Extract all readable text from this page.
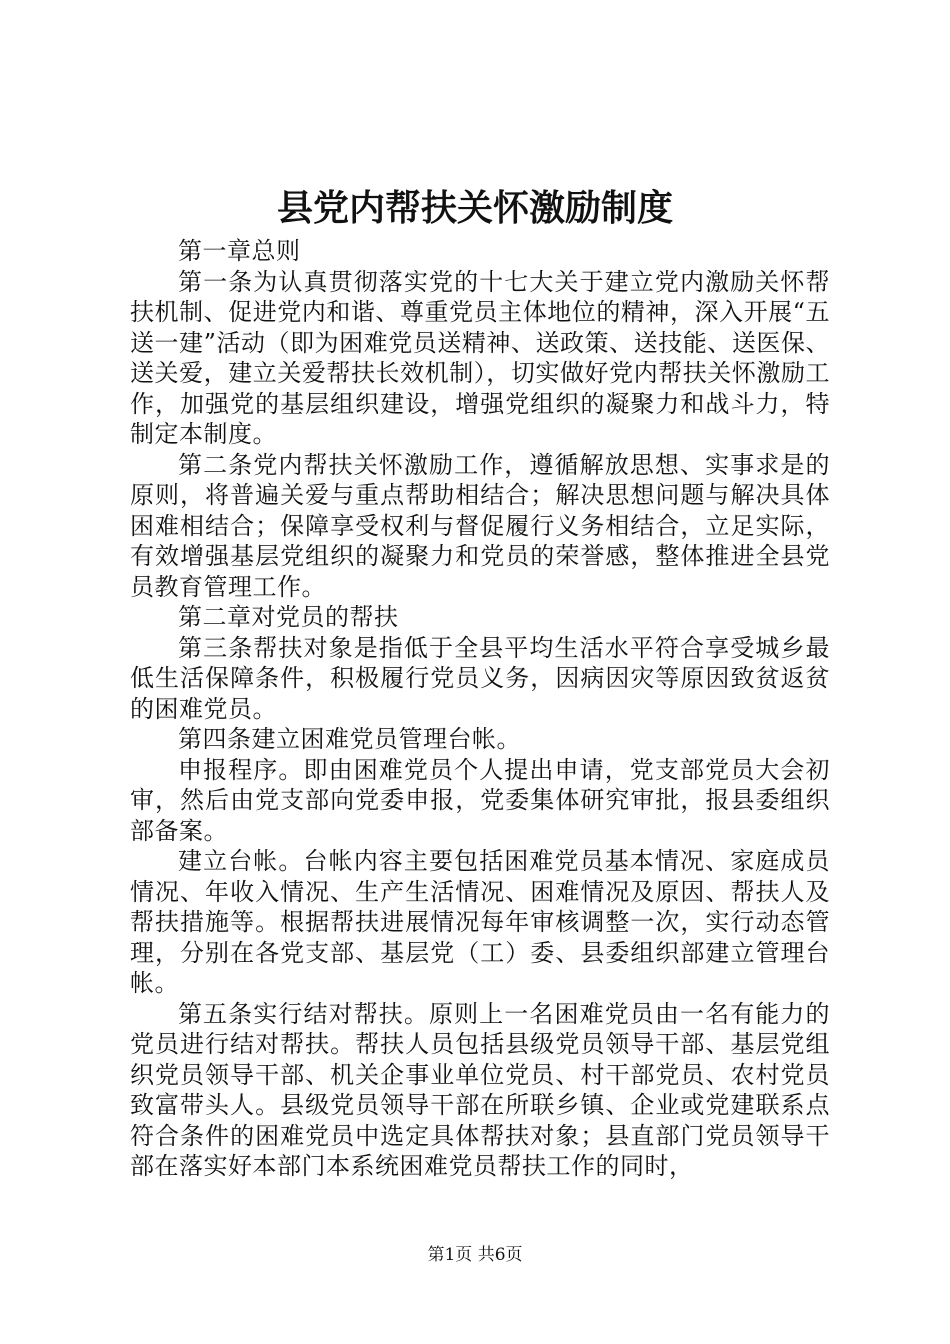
县党内帮扶关怀激励制度

第一章总则

第一条为认真贯彻落实党的十七大关于建立党内激励关怀帮扶机制、促进党内和谐、尊重党员主体地位的精神，深入开展“五送一建”活动（即为困难党员送精神、送政策、送技能、送医保、送关爱，建立关爱帮扶长效机制），切实做好党内帮扶关怀激励工作，加强党的基层组织建设，增强党组织的凝聚力和战斗力，特制定本制度。

第二条党内帮扶关怀激励工作，遵循解放思想、实事求是的原则，将普遍关爱与重点帮助相结合；解决思想问题与解决具体困难相结合；保障享受权利与督促履行义务相结合，立足实际，有效增强基层党组织的凝聚力和党员的荣誉感，整体推进全县党员教育管理工作。

第二章对党员的帮扶

第三条帮扶对象是指低于全县平均生活水平符合享受城乡最低生活保障条件，积极履行党员义务，因病因灾等原因致贫返贫的困难党员。

第四条建立困难党员管理台帐。

申报程序。即由困难党员个人提出申请，党支部党员大会初审，然后由党支部向党委申报，党委集体研究审批，报县委组织部备案。

建立台帐。台帐内容主要包括困难党员基本情况、家庭成员情况、年收入情况、生产生活情况、困难情况及原因、帮扶人及帮扶措施等。根据帮扶进展情况每年审核调整一次，实行动态管理，分别在各党支部、基层党（工）委、县委组织部建立管理台帐。

第五条实行结对帮扶。原则上一名困难党员由一名有能力的党员进行结对帮扶。帮扶人员包括县级党员领导干部、基层党组织党员领导干部、机关企事业单位党员、村干部党员、农村党员致富带头人。县级党员领导干部在所联乡镇、企业或党建联系点符合条件的困难党员中选定具体帮扶对象；县直部门党员领导干部在落实好本部门本系统困难党员帮扶工作的同时，

第1页 共6页
